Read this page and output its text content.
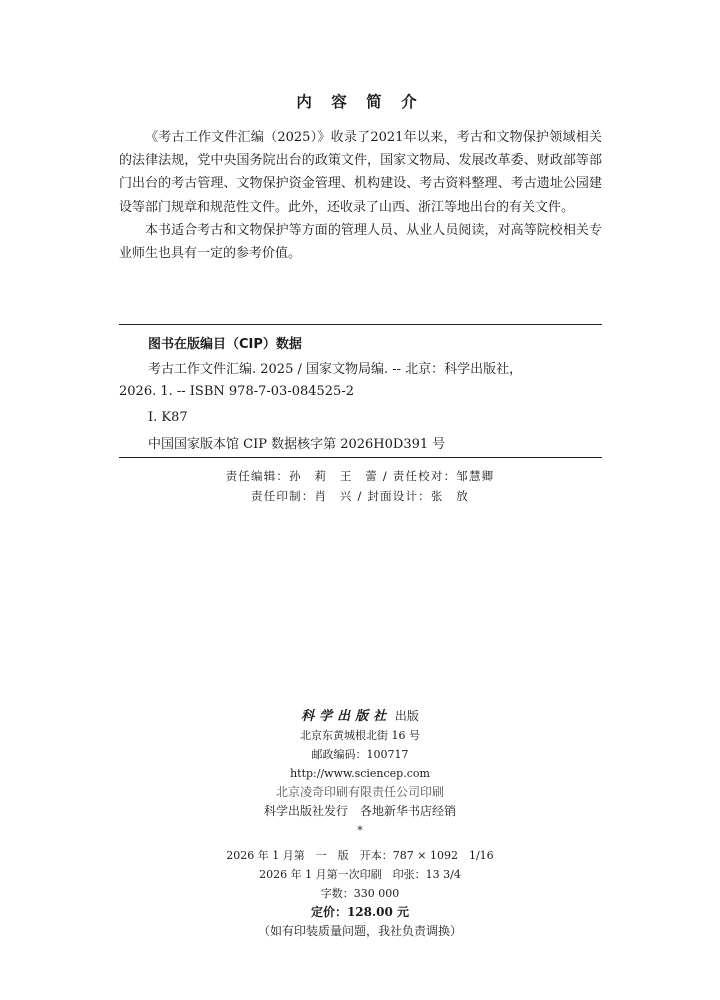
内 容 简 介

《考古工作文件汇编（2025）》收录了2021年以来，考古和文物保护领域相关的法律法规，党中央国务院出台的政策文件，国家文物局、发展改革委、财政部等部门出台的考古管理、文物保护资金管理、机构建设、考古资料整理、考古遗址公园建设等部门规章和规范性文件。此外，还收录了山西、浙江等地出台的有关文件。

本书适合考古和文物保护等方面的管理人员、从业人员阅读，对高等院校相关专业师生也具有一定的参考价值。

图书在版编目（CIP）数据
考古工作文件汇编. 2025 / 国家文物局编. -- 北京：科学出版社，
2026. 1. -- ISBN 978-7-03-084525-2
Ⅰ. K87
中国国家版本馆 CIP 数据核字第 2026H0D391 号
责任编辑：孙　莉　王　蕾 / 责任校对：邹慧卿
责任印制：肖　兴 / 封面设计：张　放
科学出版社 出版
北京东黄城根北街 16 号
邮政编码：100717
http://www.sciencep.com
北京凌奇印刷有限责任公司印刷
科学出版社发行　各地新华书店经销
*
2026 年 1 月第　一　版　开本：787 × 1092　1/16
2026 年 1 月第一次印刷　印张：13 3/4
字数：330 000
定价：128.00 元
（如有印装质量问题，我社负责调换）
